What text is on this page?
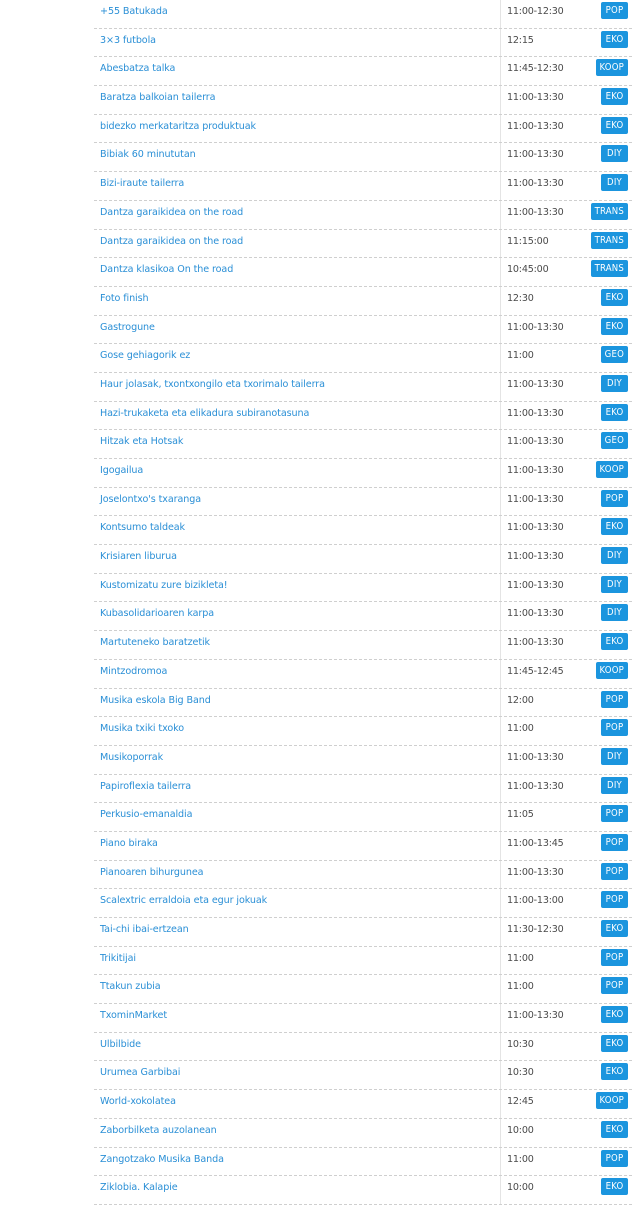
+55 Batukada	11:00-12:30	POP
3×3 futbola	12:15	EKO
Abesbatza talka	11:45-12:30	KOOP
Baratza balkoian tailerra	11:00-13:30	EKO
bidezko merkataritza produktuak	11:00-13:30	EKO
Bibiak 60 minututan	11:00-13:30	DIY
Bizi-iraute tailerra	11:00-13:30	DIY
Dantza garaikidea on the road	11:00-13:30	TRANS
Dantza garaikidea on the road	11:15:00	TRANS
Dantza klasikoa On the road	10:45:00	TRANS
Foto finish	12:30	EKO
Gastrogune	11:00-13:30	EKO
Gose gehiagorik ez	11:00	GEO
Haur jolasak, txontxongilo eta txorimalo tailerra	11:00-13:30	DIY
Hazi-trukaketa eta elikadura subiranotasuna	11:00-13:30	EKO
Hitzak eta Hotsak	11:00-13:30	GEO
Igogailua	11:00-13:30	KOOP
Joselontxo's txaranga	11:00-13:30	POP
Kontsumo taldeak	11:00-13:30	EKO
Krisiaren liburua	11:00-13:30	DIY
Kustomizatu zure bizikleta!	11:00-13:30	DIY
Kubasolidarioaren karpa	11:00-13:30	DIY
Martuteneko baratzetik	11:00-13:30	EKO
Mintzodromoa	11:45-12:45	KOOP
Musika eskola Big Band	12:00	POP
Musika txiki txoko	11:00	POP
Musikoporrak	11:00-13:30	DIY
Papiroflexia tailerra	11:00-13:30	DIY
Perkusio-emanaldia	11:05	POP
Piano biraka	11:00-13:45	POP
Pianoaren bihurgunea	11:00-13:30	POP
Scalextric erraldoia eta egur jokuak	11:00-13:00	POP
Tai-chi ibai-ertzean	11:30-12:30	EKO
Trikitijai	11:00	POP
Ttakun zubia	11:00	POP
TxominMarket	11:00-13:30	EKO
Ulbilbide	10:30	EKO
Urumea Garbibai	10:30	EKO
World-xokolatea	12:45	KOOP
Zaborbilketa auzolanean	10:00	EKO
Zangotzako Musika Banda	11:00	POP
Ziklobia. Kalapie	10:00	EKO
